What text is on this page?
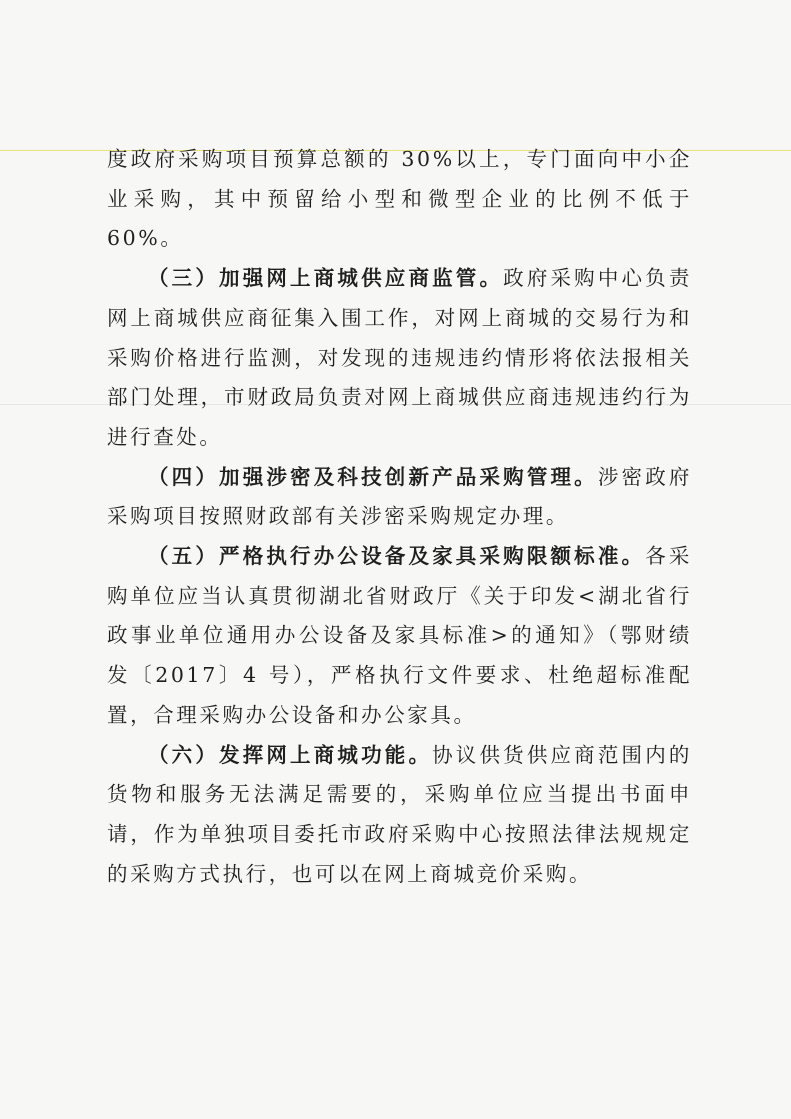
度政府采购项目预算总额的 30%以上，专门面向中小企业采购，其中预留给小型和微型企业的比例不低于 60%。

（三）加强网上商城供应商监管。政府采购中心负责网上商城供应商征集入围工作，对网上商城的交易行为和采购价格进行监测，对发现的违规违约情形将依法报相关部门处理，市财政局负责对网上商城供应商违规违约行为进行查处。

（四）加强涉密及科技创新产品采购管理。涉密政府采购项目按照财政部有关涉密采购规定办理。

（五）严格执行办公设备及家具采购限额标准。各采购单位应当认真贯彻湖北省财政厅《关于印发<湖北省行政事业单位通用办公设备及家具标准>的通知》（鄂财绩发〔2017〕4 号），严格执行文件要求、杜绝超标准配置，合理采购办公设备和办公家具。

（六）发挥网上商城功能。协议供货供应商范围内的货物和服务无法满足需要的，采购单位应当提出书面申请，作为单独项目委托市政府采购中心按照法律法规规定的采购方式执行，也可以在网上商城竞价采购。
